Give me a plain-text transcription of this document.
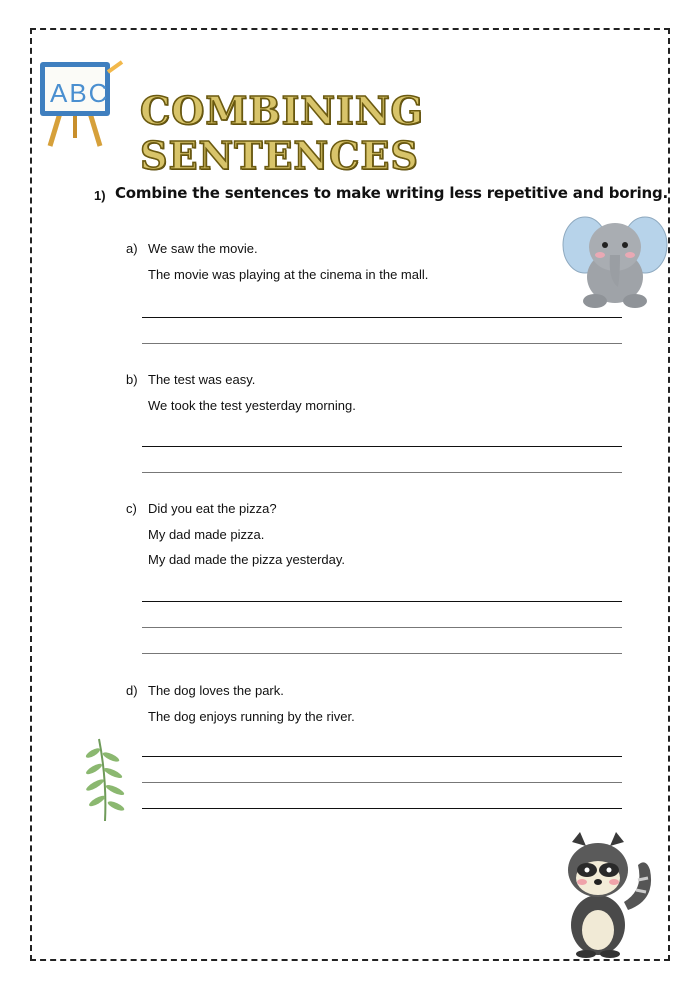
ABC COMBINING SENTENCES
1) Combine the sentences to make writing less repetitive and boring.
a) We saw the movie.
The movie was playing at the cinema in the mall.
b) The test was easy.
We took the test yesterday morning.
c) Did you eat the pizza?
My dad made pizza.
My dad made the pizza yesterday.
d) The dog loves the park.
The dog enjoys running by the river.
